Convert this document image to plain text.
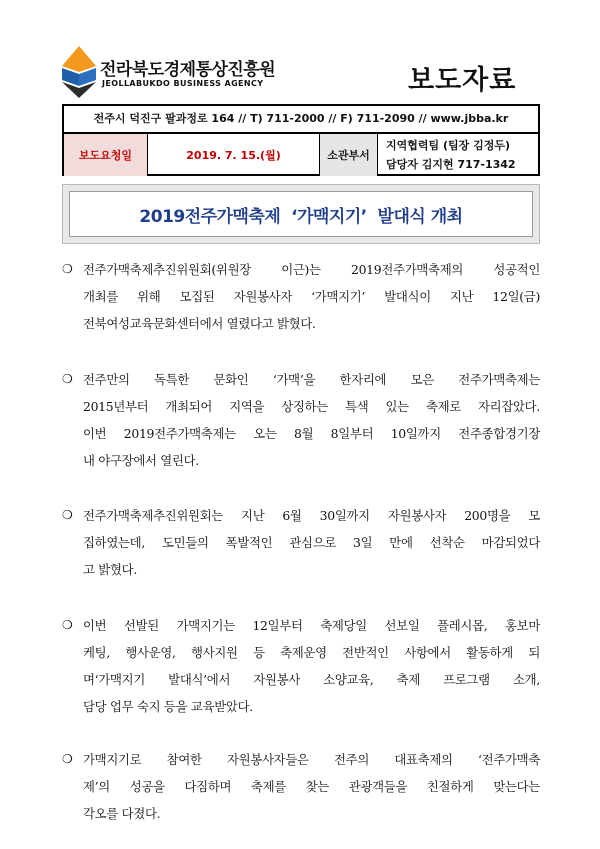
전라북도경제통상진흥원
JEOLLABUKDO BUSINESS AGENCY	보도자료
전주시 덕진구 팔과정로 164 // T) 711-2000 // F) 711-2090 // www.jbba.kr
보도요청일	2019. 7. 15.(월)	소관부서
지역협력팀 (팀장 김정두)
담당자 김지현 717-1342
2019전주가맥축제  ‘가맥지기’  발대식 개최
❍ 전주가맥축제추진위원회(위원장 이근)는 2019전주가맥축제의 성공적인
개최를 위해 모집된 자원봉사자 ‘가맥지기’ 발대식이 지난 12일(금)
전북여성교육문화센터에서 열렸다고 밝혔다.
❍ 전주만의 독특한 문화인 ‘가맥’을 한자리에 모은 전주가맥축제는
2015년부터 개최되어 지역을 상징하는 특색 있는 축제로 자리잡았다.
이번 2019전주가맥축제는 오는 8월 8일부터 10일까지 전주종합경기장
내 야구장에서 열린다.
❍ 전주가맥축제추진위원회는 지난 6월 30일까지 자원봉사자 200명을 모
집하였는데, 도민들의 폭발적인 관심으로 3일 만에 선착순 마감되었다
고 밝혔다.
❍ 이번 선발된 가맥지기는 12일부터 축제당일 선보일 플레시몹, 홍보마
케팅, 행사운영, 행사지원 등 축제운영 전반적인 사항에서 활동하게 되
며‘가맥지기 발대식’에서 자원봉사 소양교육, 축제 프로그램 소개,
담당 업무 숙지 등을 교육받았다.
❍ 가맥지기로 참여한 자원봉사자들은 전주의 대표축제의 ‘전주가맥축
제’의 성공을 다짐하며 축제를 찾는 관광객들을 친절하게 맞는다는
각오를 다졌다.
